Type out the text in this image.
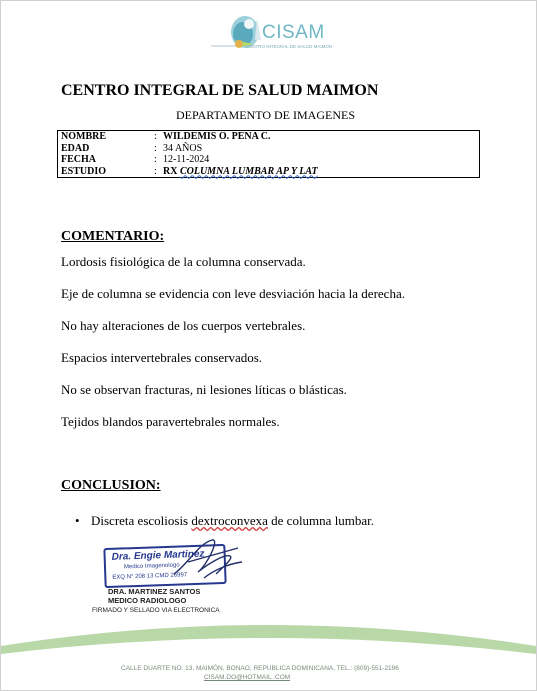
CISAM
CENTRO INTEGRAL DE SALUD MAIMON
CENTRO INTEGRAL DE SALUD MAIMON
DEPARTAMENTO DE IMAGENES
NOMBRE	: WILDEMIS O. PENA C.
EDAD	: 34 AÑOS
FECHA	: 12-11-2024
ESTUDIO	: RX COLUMNA LUMBAR AP Y LAT
COMENTARIO:
Lordosis fisiológica de la columna conservada.
Eje de columna se evidencia con leve desviación hacia la derecha.
No hay alteraciones de los cuerpos vertebrales.
Espacios intervertebrales conservados.
No se observan fracturas, ni lesiones líticas o blásticas.
Tejidos blandos paravertebrales normales.
CONCLUSION:
• Discreta escoliosis dextroconvexa de columna lumbar.
Dra. Engie Martinez
Medico Imagenologo
EXQ N° 208 13 CMD 26997
DRA. MARTINEZ SANTOS
MEDICO RADIOLOGO
FIRMADO Y SELLADO VIA ELECTRONICA
CALLE DUARTE NO. 13, MAIMÓN, BONAO, REPUBLICA DOMINICANA, TEL.: (809)-551-2196
CISAM.DO@HOTMAIL .COM
